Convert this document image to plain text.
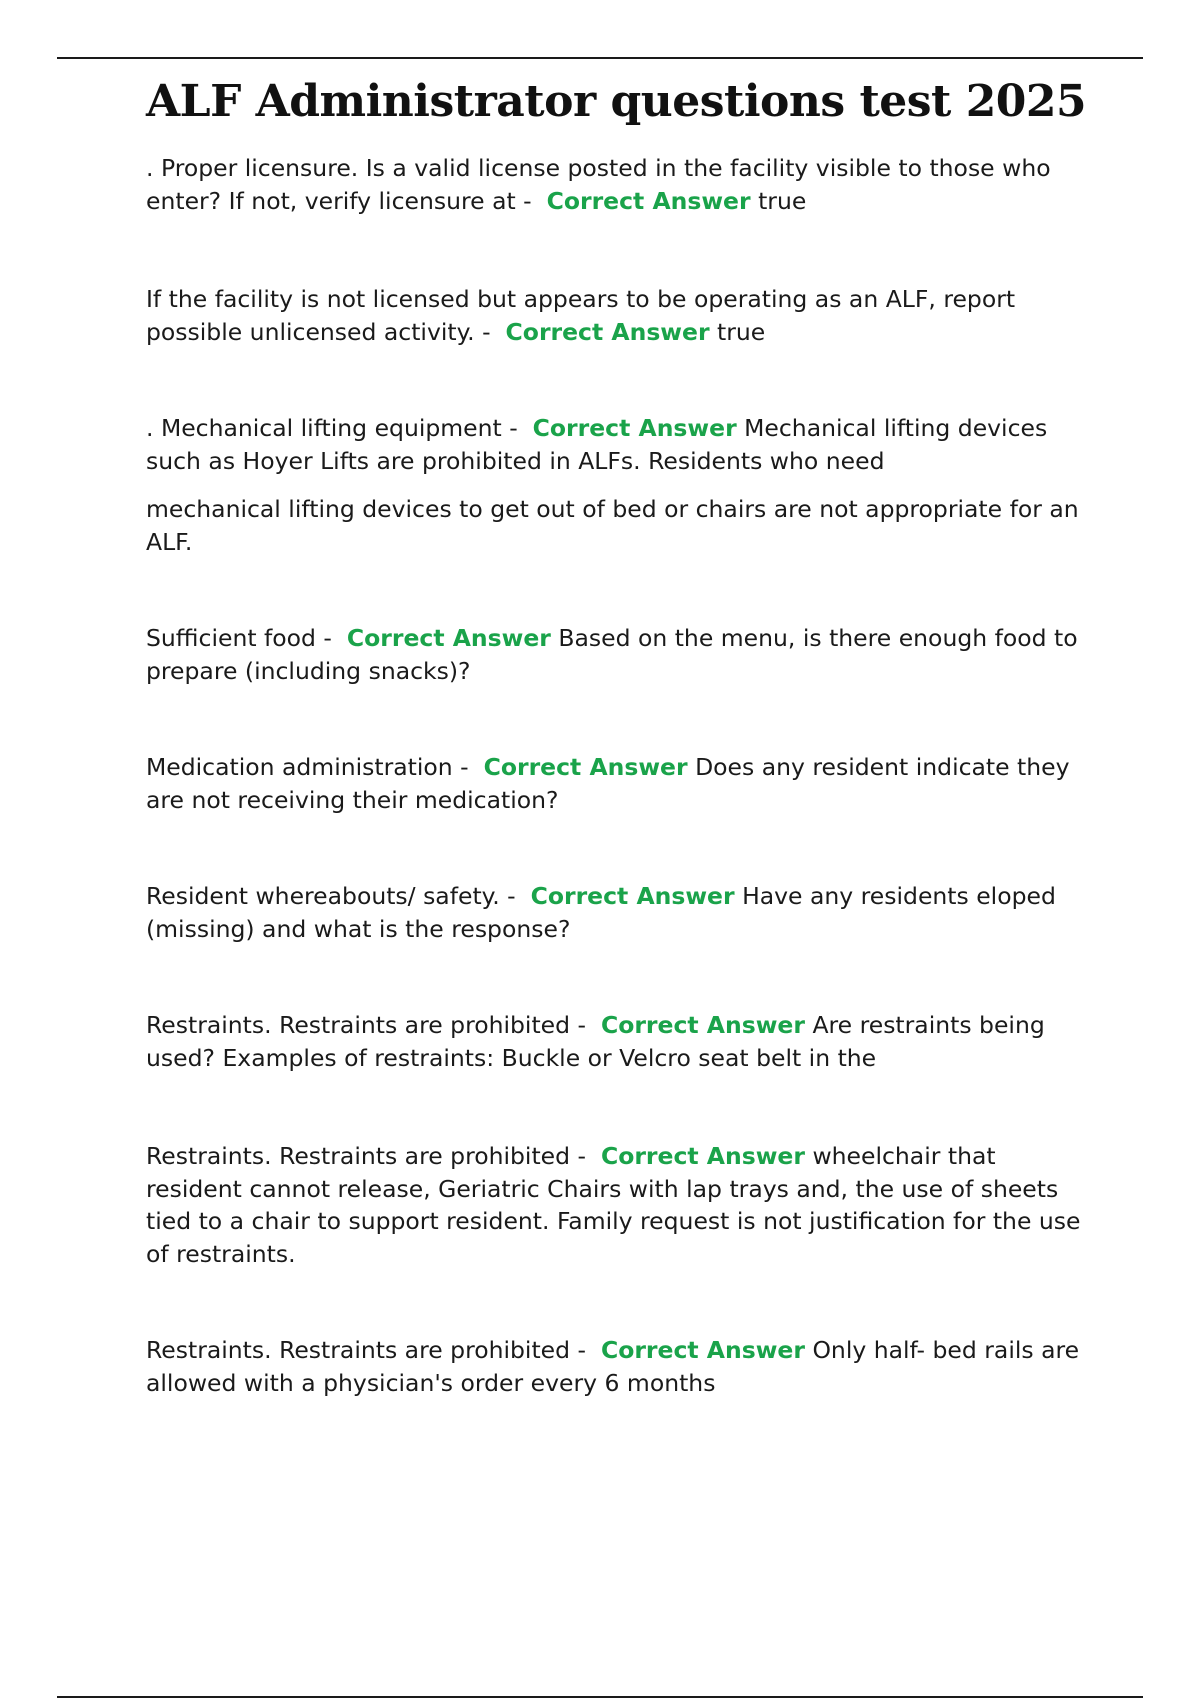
ALF Administrator questions test 2025

. Proper licensure. Is a valid license posted in the facility visible to those who enter? If not, verify licensure at - Correct Answer true

If the facility is not licensed but appears to be operating as an ALF, report possible unlicensed activity. - Correct Answer true

. Mechanical lifting equipment - Correct Answer Mechanical lifting devices such as Hoyer Lifts are prohibited in ALFs. Residents who need

mechanical lifting devices to get out of bed or chairs are not appropriate for an ALF.

Sufficient food - Correct Answer Based on the menu, is there enough food to prepare (including snacks)?

Medication administration - Correct Answer Does any resident indicate they are not receiving their medication?

Resident whereabouts/ safety. - Correct Answer Have any residents eloped (missing) and what is the response?

Restraints. Restraints are prohibited - Correct Answer Are restraints being used? Examples of restraints: Buckle or Velcro seat belt in the

Restraints. Restraints are prohibited - Correct Answer wheelchair that resident cannot release, Geriatric Chairs with lap trays and, the use of sheets tied to a chair to support resident. Family request is not justification for the use of restraints.

Restraints. Restraints are prohibited - Correct Answer Only half- bed rails are allowed with a physician's order every 6 months
